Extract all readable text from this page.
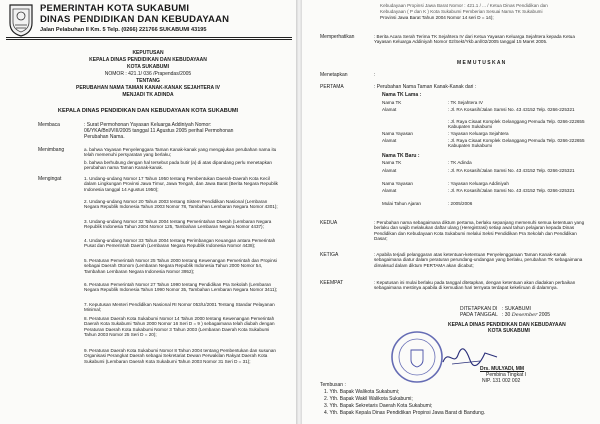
PEMERINTAH KOTA SUKABUMI
DINAS PENDIDIKAN DAN KEBUDAYAAN
Jalan Pelabuhan II Km. 5 Telp. (0266) 221766 SUKABUMI 43195
KEPUTUSAN
KEPALA DINAS PENDIDIKAN DAN KEBUDAYAAN
KOTA SUKABUMI
NOMOR : 421.1/ 036 /Prapendas/2005
TENTANG
PERUBAHAN NAMA TAMAN KANAK-KANAK SEJAHTERA IV
MENJADI TK ADINDA
KEPALA DINAS PENDIDIKAN DAN KEBUDAYAAN KOTA SUKABUMI
Membaca	: Surat Permohonan Yayasan Keluarga Addiniyah Nomor:
06/YKA/Bnl/VIII/2005 tanggal 11 Agustus 2005 perihal Permohonan
Perubahan Nama.
Menimbang	a. bahwa Yayasan Penyelenggara Taman Kanak-kanak yang mengajukan perubahan nama itu telah memenuhi persyaratan yang berlaku;
b. bahwa berhubung dengan hal tersebut pada butir (a) di atas dipandang perlu menetapkan perubahan nama Taman Kanak-kanak.
Mengingat	1. Undang-undang Nomor 17 Tahun 1950 tentang Pembentukan Daerah-Daerah Kota Kecil dalam Lingkungan Provinsi Jawa Timur, Jawa Tengah, dan Jawa Barat (Berita Negara Republik Indonesia tanggal 14 Agustus 1950);
2. Undang-undang Nomor 20 Tahun 2003 tentang Sistem Pendidikan Nasional (Lembaran Negara Republik Indonesia Tahun 2003 Nomor 78, Tambahan Lembaran Negara Nomor 4301);
3. Undang-undang Nomor 32 Tahun 2004 tentang Pemerintahan Daerah (Lembaran Negara Republik Indonesia Tahun 2004 Nomor 125, Tambahan Lembaran Negara Nomor 4437);
4. Undang-undang Nomor 33 Tahun 2004 tentang Perimbangan Keuangan antara Pemerintah Pusat dan Pemerintah Daerah (Lembaran Negara Republik Indonesia Nomor 4438);
5. Peraturan Pemerintah Nomor 25 Tahun 2000 tentang Kewenangan Pemerintah dan Propinsi sebagai Daerah Otonom (Lembaran Negara Republik Indonesia Tahun 2000 Nomor 54, Tambahan Lembaran Negara Indonesia Nomor 3952);
6. Peraturan Pemerintah Nomor 27 Tahun 1990 tentang Pendidikan Pra Sekolah (Lembaran Negara Republik Indonesia Tahun 1990 Nomor 35, Tambahan Lembaran Negara Nomor 3411);
7. Keputusan Menteri Pendidikan Nasional RI Nomor 053/U/2001 Tentang Standar Pelayanan Minimal;
8. Peraturan Daerah Kota Sukabumi Nomor 14 Tahun 2000 tentang Kewenangan Pemerintah Daerah Kota Sukabumi Tahun 2000 Nomor 16 Seri D = 9 ) sebagaimana telah diubah dengan Peraturan Daerah Kota Sukabumi Nomor 3 Tahun 2003 (Lembaran Daerah Kota Sukabumi Tahun 2003 Nomor 25 Seri D = 20);
9. Peraturan Daerah Kota Sukabumi Nomor 8 Tahun 2004 tentang Pembentukan dan susunan Organisasi Perangkat Daerah sebagai Sekretariat Dewan Perwakilan Rakyat Daerah Kota Sukabumi (Lembaran Daerah Kota Sukabumi Tahun 2003 Nomor 31 Seri D = 31);
Kebudayaan Propinsi Jawa Barat Nomor : 421.1 / ... / Ketua Dinas Pendidikan dan
Kebudayaan ( P dan K ) Kota Sukabumi Pemberian Sesuai Nama TK Sukabumi
Provinsi Jawa Barat Tahun 2004 Nomor 14 seri D = 14);
Memperhatikan	: Berita Acara Serah Terima TK Sejahtera IV dari Ketua Yayasan Keluarga Sejahtera kepada Ketua Yayasan Keluarga Addiniyah Nomor 02/Sekt/Ykb.anl/02/2005 tanggal 15 Maret 2005.
M E M U T U S K A N
Menetapkan	:
PERTAMA	: Perubahan Nama Taman Kanak-Kanak dari :
Nama TK Lama :
Nama TK	: TK Sejahtera IV
Alamat	: Jl. RA Kosasih/Jalan Samsi No. 43 43152 Telp. 0266-225321
: Jl. Raya Cisaat Komplek Gelanggang Pemuda Telp. 0266-222655 Kabupaten Sukabumi
Nama Yayasan	: Yayasan Keluarga Sejahtera
Alamat	: Jl. Raya Cisaat Komplek Gelanggang Pemuda Telp. 0266-222655 Kabupaten Sukabumi
Nama TK Baru :
Nama TK	: TK Adinda
Alamat	: Jl. RA Kosasih/Jalan Samsi No. 43 43152 Telp. 0266-225321
Nama Yayasan	: Yayasan Keluarga Addiniyah
Alamat	: Jl. RA Kosasih/Jalan Samsi No. 43 43152 Telp. 0266-225321
Mulai Tahun Ajaran	: 2005/2006
KEDUA	: Perubahan nama sebagaimana diktum pertama, berlaku sepanjang memenuhi semua ketentuan yang berlaku dan wajib melakukan daftar ulang (Heregistrasi) setiap awal tahun pelajaran kepada Dinas Pendidikan dan Kebudayaan Kota Sukabumi melalui Seksi Pendidikan Pra Sekolah dan Pendidikan Dasar;
KETIGA	: Apabila terjadi pelanggaran atas ketentuan-ketentuan Penyelenggaraan Taman Kanak-Kanak sebagaimana diatur dalam peraturan perundang-undangan yang berlaku, perubahan TK sebagaimana dimaksud dalam diktum PERTAMA akan dicabut;
KEEMPAT	: Keputusan ini mulai berlaku pada tanggal ditetapkan, dengan ketentuan akan diadakan perbaikan sebagaimana mestinya apabila di kemudian hari ternyata terdapat kekeliruan di dalamnya.
DITETAPKAN DI : SUKABUMI
PADA TANGGAL : 30 Desember 2005
KEPALA DINAS PENDIDIKAN DAN KEBUDAYAAN
KOTA SUKABUMI
Drs. MULYADI, MM
Pembina Tingkat I
NIP. 131 002 002
Tembusan :
1. Yth. Bapak Walikota Sukabumi;
2. Yth. Bapak Wakil Walikota Sukabumi;
3. Yth. Bapak Sekretaris Daerah Kota Sukabumi;
4. Yth. Bapak Kepala Dinas Pendidikan Propinsi Jawa Barat di Bandung.
